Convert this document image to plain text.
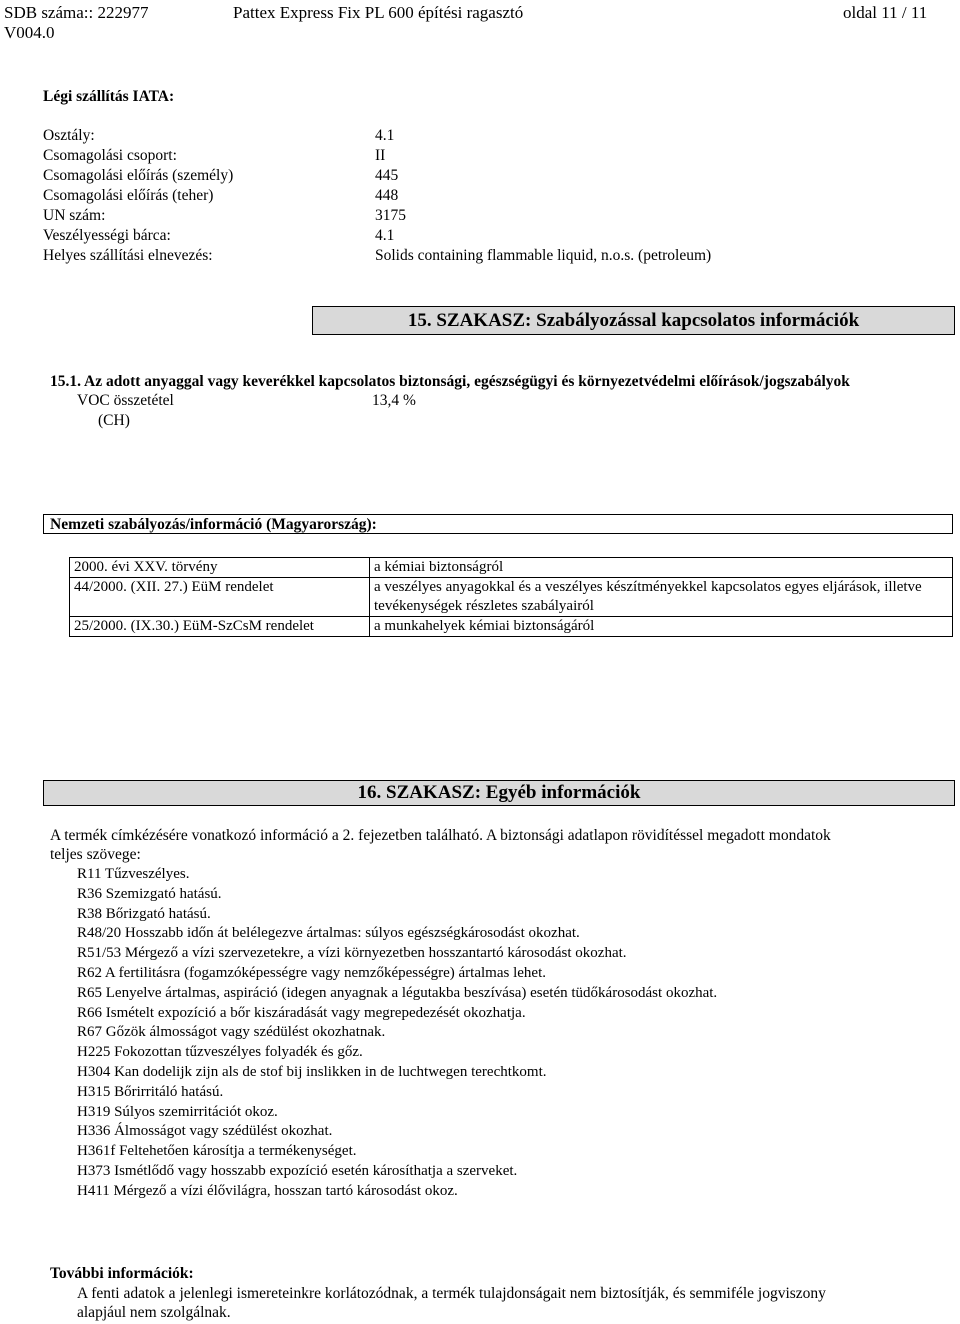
SDB száma:: 222977	Pattex Express Fix PL 600 építési ragasztó	oldal 11 / 11
V004.0
Légi szállítás IATA:
Osztály:	4.1
Csomagolási csoport:	II
Csomagolási előírás (személy)	445
Csomagolási előírás (teher)	448
UN szám:	3175
Veszélyességi bárca:	4.1
Helyes szállítási elnevezés:	Solids containing flammable liquid, n.o.s. (petroleum)
15. SZAKASZ: Szabályozással kapcsolatos információk
15.1. Az adott anyaggal vagy keverékkel kapcsolatos biztonsági, egészségügyi és környezetvédelmi előírások/jogszabályok
VOC összetétel	13,4 %
(CH)
Nemzeti szabályozás/információ (Magyarország):
2000. évi XXV. törvény	a kémiai biztonságról
44/2000. (XII. 27.) EüM rendelet	a veszélyes anyagokkal és a veszélyes készítményekkel kapcsolatos egyes eljárások, illetve tevékenységek részletes szabályairól
25/2000. (IX.30.) EüM-SzCsM rendelet	a munkahelyek kémiai biztonságáról
16. SZAKASZ: Egyéb információk
A termék címkézésére vonatkozó információ a 2. fejezetben található. A biztonsági adatlapon rövidítéssel megadott mondatok
teljes szövege:
R11 Tűzveszélyes.
R36 Szemizgató hatású.
R38 Bőrizgató hatású.
R48/20 Hosszabb időn át belélegezve ártalmas: súlyos egészségkárosodást okozhat.
R51/53 Mérgező a vízi szervezetekre, a vízi környezetben hosszantartó károsodást okozhat.
R62 A fertilitásra (fogamzóképességre vagy nemzőképességre) ártalmas lehet.
R65 Lenyelve ártalmas, aspiráció (idegen anyagnak a légutakba beszívása) esetén tüdőkárosodást okozhat.
R66 Ismételt expozíció a bőr kiszáradását vagy megrepedezését okozhatja.
R67 Gőzök álmosságot vagy szédülést okozhatnak.
H225 Fokozottan tűzveszélyes folyadék és gőz.
H304 Kan dodelijk zijn als de stof bij inslikken in de luchtwegen terechtkomt.
H315 Bőrirritáló hatású.
H319 Súlyos szemirritációt okoz.
H336 Álmosságot vagy szédülést okozhat.
H361f Feltehetően károsítja a termékenységet.
H373 Ismétlődő vagy hosszabb expozíció esetén károsíthatja a szerveket.
H411 Mérgező a vízi élővilágra, hosszan tartó károsodást okoz.
További információk:
A fenti adatok a jelenlegi ismereteinkre korlátozódnak, a termék tulajdonságait nem biztosítják, és semmiféle jogviszony
alapjául nem szolgálnak.
